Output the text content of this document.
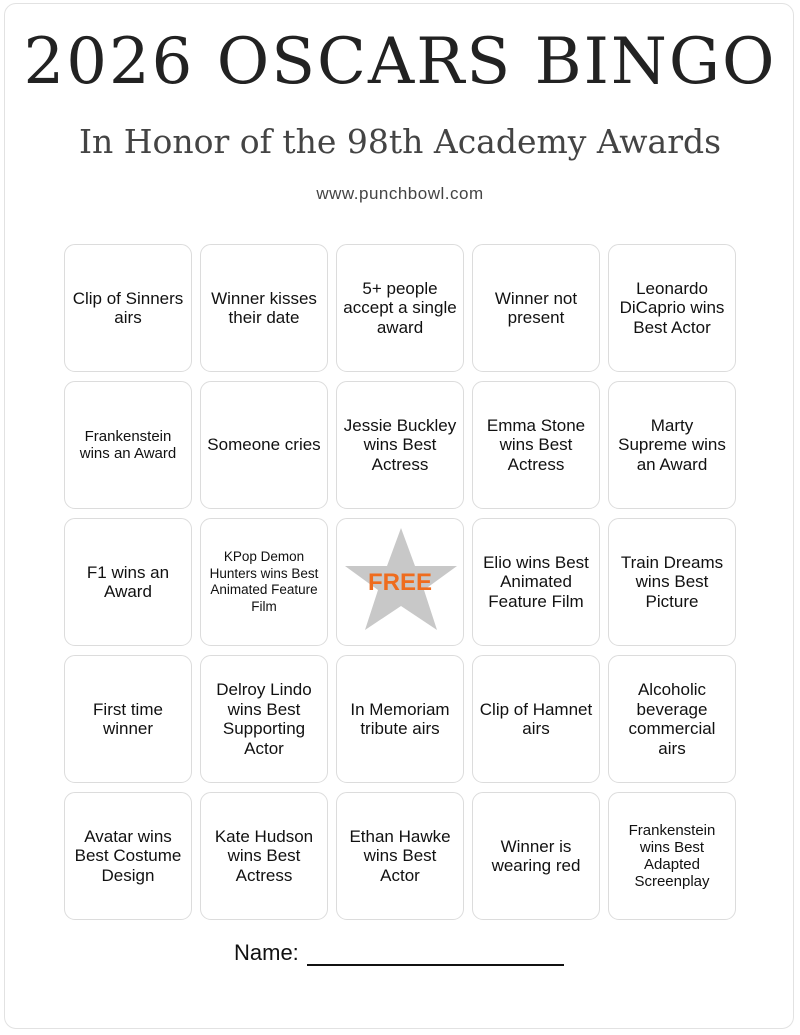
2026 OSCARS BINGO
In Honor of the 98th Academy Awards
www.punchbowl.com
Clip of Sinners airs
Winner kisses their date
5+ people accept a single award
Winner not present
Leonardo DiCaprio wins Best Actor
Frankenstein wins an Award	Someone cries
Jessie Buckley wins Best Actress
Emma Stone wins Best Actress
Marty Supreme wins an Award
F1 wins an Award
KPop Demon Hunters wins Best Animated Feature Film
FREE
Elio wins Best Animated Feature Film
Train Dreams wins Best Picture
First time winner
Delroy Lindo wins Best Supporting Actor
In Memoriam tribute airs
Clip of Hamnet airs
Alcoholic beverage commercial airs
Avatar wins Best Costume Design
Kate Hudson wins Best Actress
Ethan Hawke wins Best Actor
Winner is wearing red
Frankenstein wins Best Adapted Screenplay
Name:
